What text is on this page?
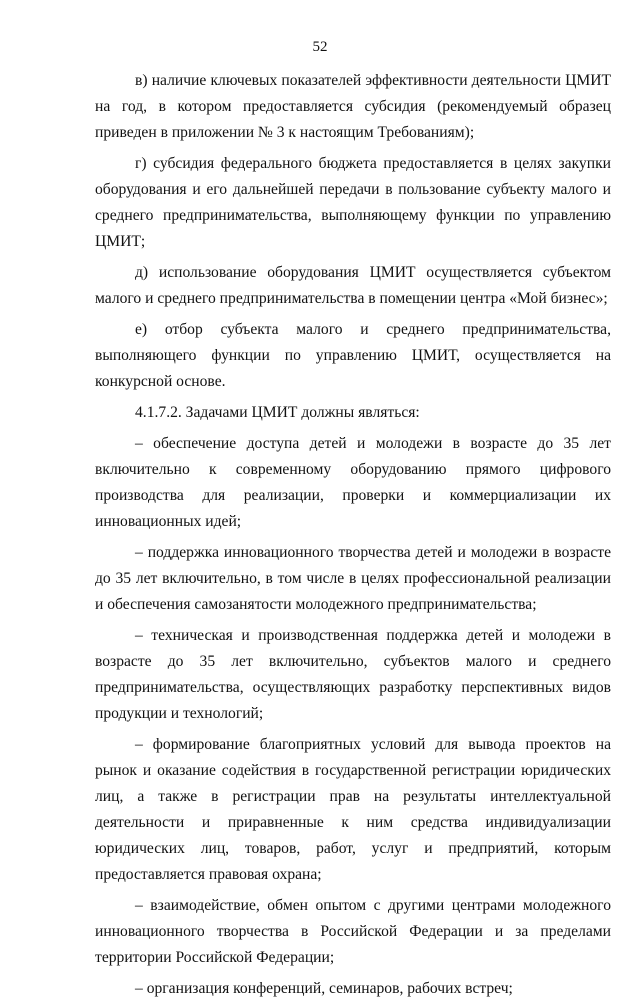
52

в) наличие ключевых показателей эффективности деятельности ЦМИТ на год, в котором предоставляется субсидия (рекомендуемый образец приведен в приложении № 3 к настоящим Требованиям);

г) субсидия федерального бюджета предоставляется в целях закупки оборудования и его дальнейшей передачи в пользование субъекту малого и среднего предпринимательства, выполняющему функции по управлению ЦМИТ;

д) использование оборудования ЦМИТ осуществляется субъектом малого и среднего предпринимательства в помещении центра «Мой бизнес»;

е) отбор субъекта малого и среднего предпринимательства, выполняющего функции по управлению ЦМИТ, осуществляется на конкурсной основе.

4.1.7.2. Задачами ЦМИТ должны являться:

– обеспечение доступа детей и молодежи в возрасте до 35 лет включительно к современному оборудованию прямого цифрового производства для реализации, проверки и коммерциализации их инновационных идей;

– поддержка инновационного творчества детей и молодежи в возрасте до 35 лет включительно, в том числе в целях профессиональной реализации и обеспечения самозанятости молодежного предпринимательства;

– техническая и производственная поддержка детей и молодежи в возрасте до 35 лет включительно, субъектов малого и среднего предпринимательства, осуществляющих разработку перспективных видов продукции и технологий;

– формирование благоприятных условий для вывода проектов на рынок и оказание содействия в государственной регистрации юридических лиц, а также в регистрации прав на результаты интеллектуальной деятельности и приравненные к ним средства индивидуализации юридических лиц, товаров, работ, услуг и предприятий, которым предоставляется правовая охрана;

– взаимодействие, обмен опытом с другими центрами молодежного инновационного творчества в Российской Федерации и за пределами территории Российской Федерации;

– организация конференций, семинаров, рабочих встреч;
